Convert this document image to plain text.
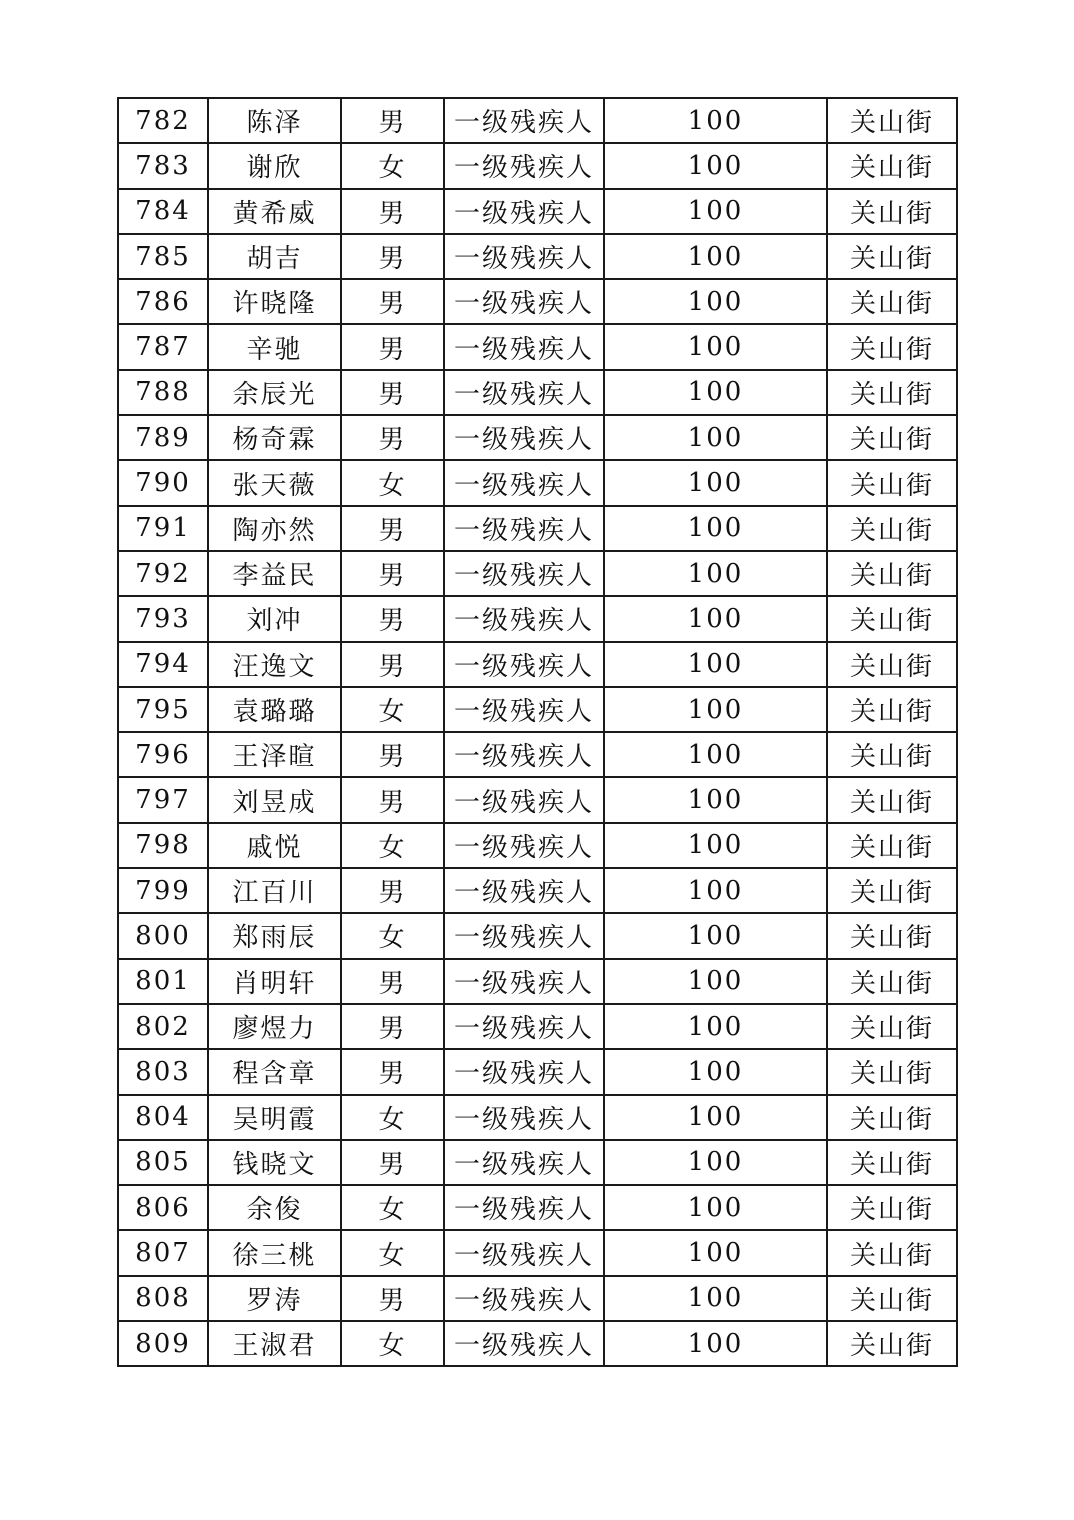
782	陈泽	男	一级残疾人	100	关山街
783	谢欣	女	一级残疾人	100	关山街
784	黄希威	男	一级残疾人	100	关山街
785	胡吉	男	一级残疾人	100	关山街
786	许晓隆	男	一级残疾人	100	关山街
787	辛驰	男	一级残疾人	100	关山街
788	余辰光	男	一级残疾人	100	关山街
789	杨奇霖	男	一级残疾人	100	关山街
790	张天薇	女	一级残疾人	100	关山街
791	陶亦然	男	一级残疾人	100	关山街
792	李益民	男	一级残疾人	100	关山街
793	刘冲	男	一级残疾人	100	关山街
794	汪逸文	男	一级残疾人	100	关山街
795	袁璐璐	女	一级残疾人	100	关山街
796	王泽暄	男	一级残疾人	100	关山街
797	刘昱成	男	一级残疾人	100	关山街
798	戚悦	女	一级残疾人	100	关山街
799	江百川	男	一级残疾人	100	关山街
800	郑雨辰	女	一级残疾人	100	关山街
801	肖明轩	男	一级残疾人	100	关山街
802	廖煜力	男	一级残疾人	100	关山街
803	程含章	男	一级残疾人	100	关山街
804	吴明霞	女	一级残疾人	100	关山街
805	钱晓文	男	一级残疾人	100	关山街
806	余俊	女	一级残疾人	100	关山街
807	徐三桃	女	一级残疾人	100	关山街
808	罗涛	男	一级残疾人	100	关山街
809	王淑君	女	一级残疾人	100	关山街
